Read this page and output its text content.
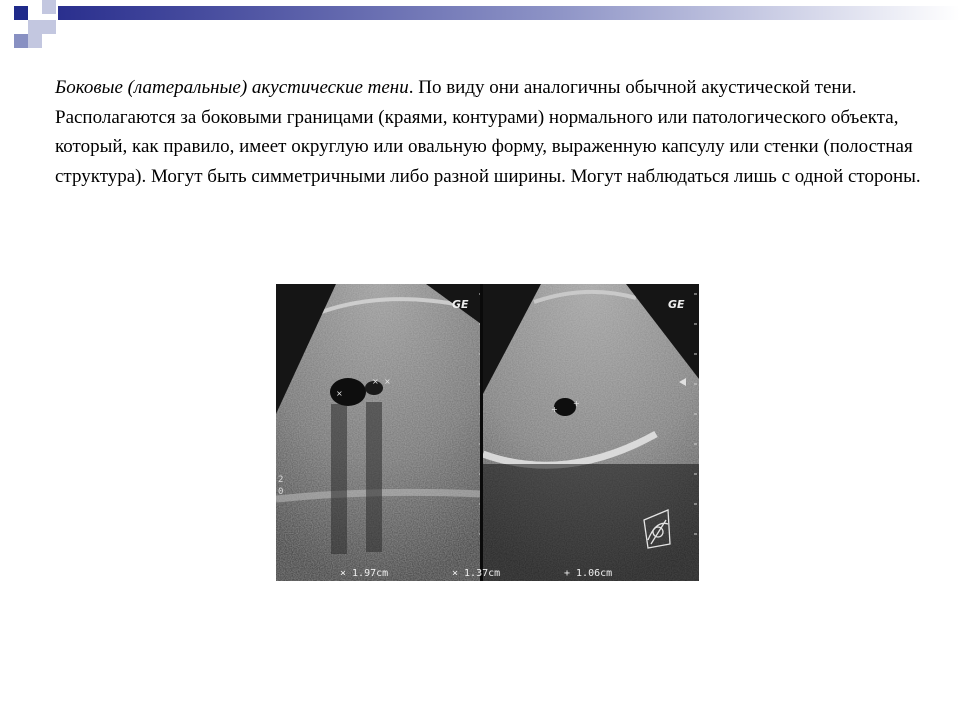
Боковые (латеральные) акустические тени. По виду они аналогичны обычной акустической тени. Располагаются за боковыми границами (краями, контурами) нормального или патологического объекта, который, как правило, имеет округлую или овальную форму, выраженную капсулу или стенки (полостная структура). Могут быть симметричными либо разной ширины. Могут наблюдаться лишь с одной стороны.

×
× ×
GE
2
0
+
+
GE
× 1.97cm	× 1.37cm	+ 1.06cm
